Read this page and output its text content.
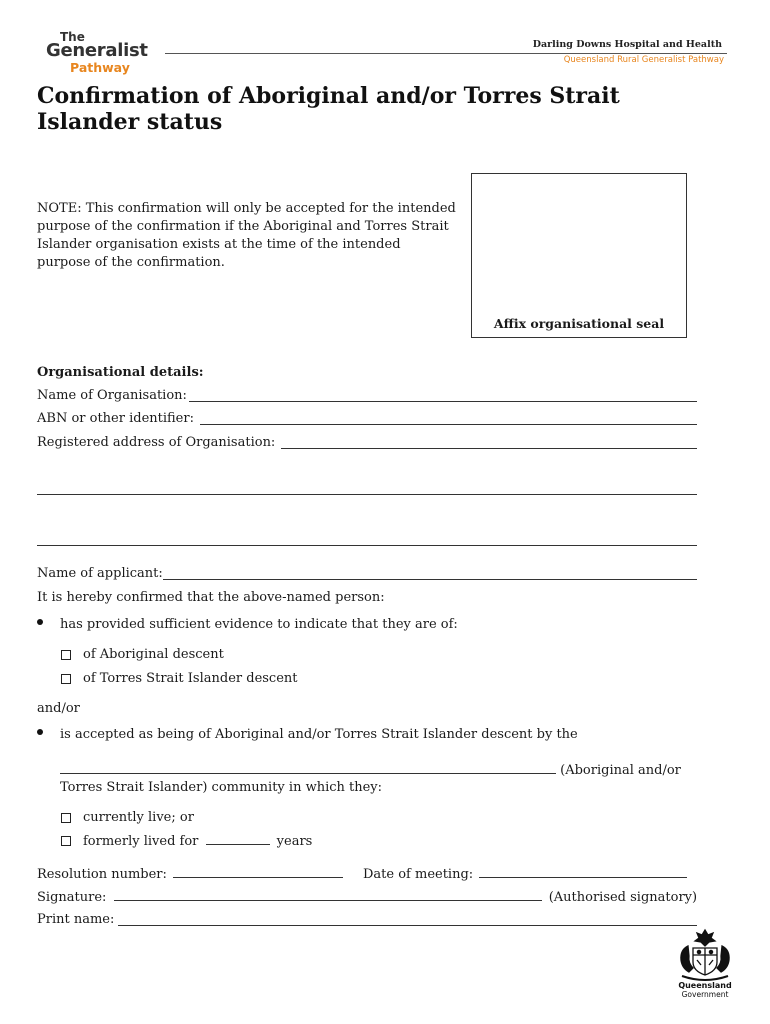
The
Generalist
Pathway
Darling Downs Hospital and Health
Queensland Rural Generalist Pathway
Confirmation of Aboriginal and/or Torres Strait
Islander status
NOTE: This confirmation will only be accepted for the intended
purpose of the confirmation if the Aboriginal and Torres Strait
Islander organisation exists at the time of the intended
purpose of the confirmation.
Affix organisational seal
Organisational details:
Name of Organisation:
ABN or other identifier:
Registered address of Organisation:
Name of applicant:
It is hereby confirmed that the above-named person:
has provided sufficient evidence to indicate that they are of:
of Aboriginal descent
of Torres Strait Islander descent
and/or
is accepted as being of Aboriginal and/or Torres Strait Islander descent by the
(Aboriginal and/or
Torres Strait Islander) community in which they:
currently live; or
formerly lived for	years
Resolution number:	Date of meeting:
Signature:	(Authorised signatory)
Print name:
Queensland
Government
